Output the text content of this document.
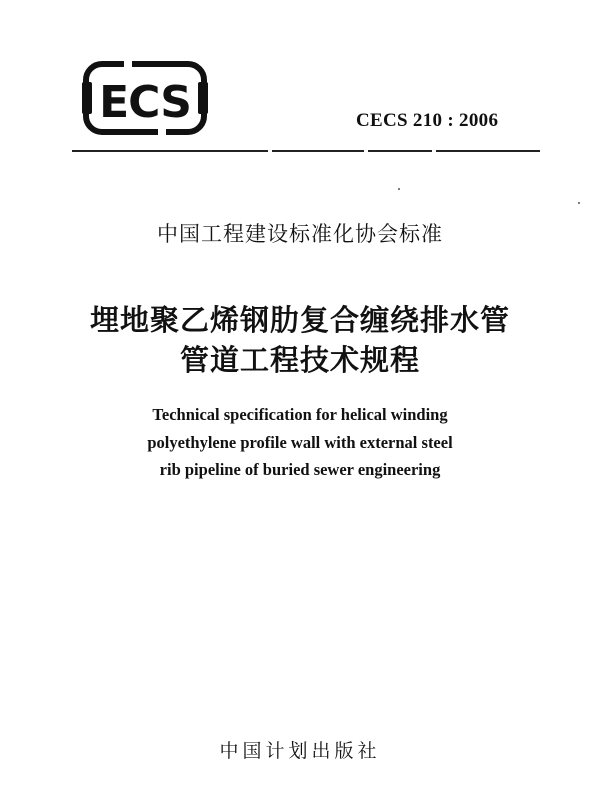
ECS	CECS 210 : 2006
中国工程建设标准化协会标准
埋地聚乙烯钢肋复合缠绕排水管
管道工程技术规程
Technical specification for helical winding
polyethylene profile wall with external steel
rib pipeline of buried sewer engineering
中国计划出版社
